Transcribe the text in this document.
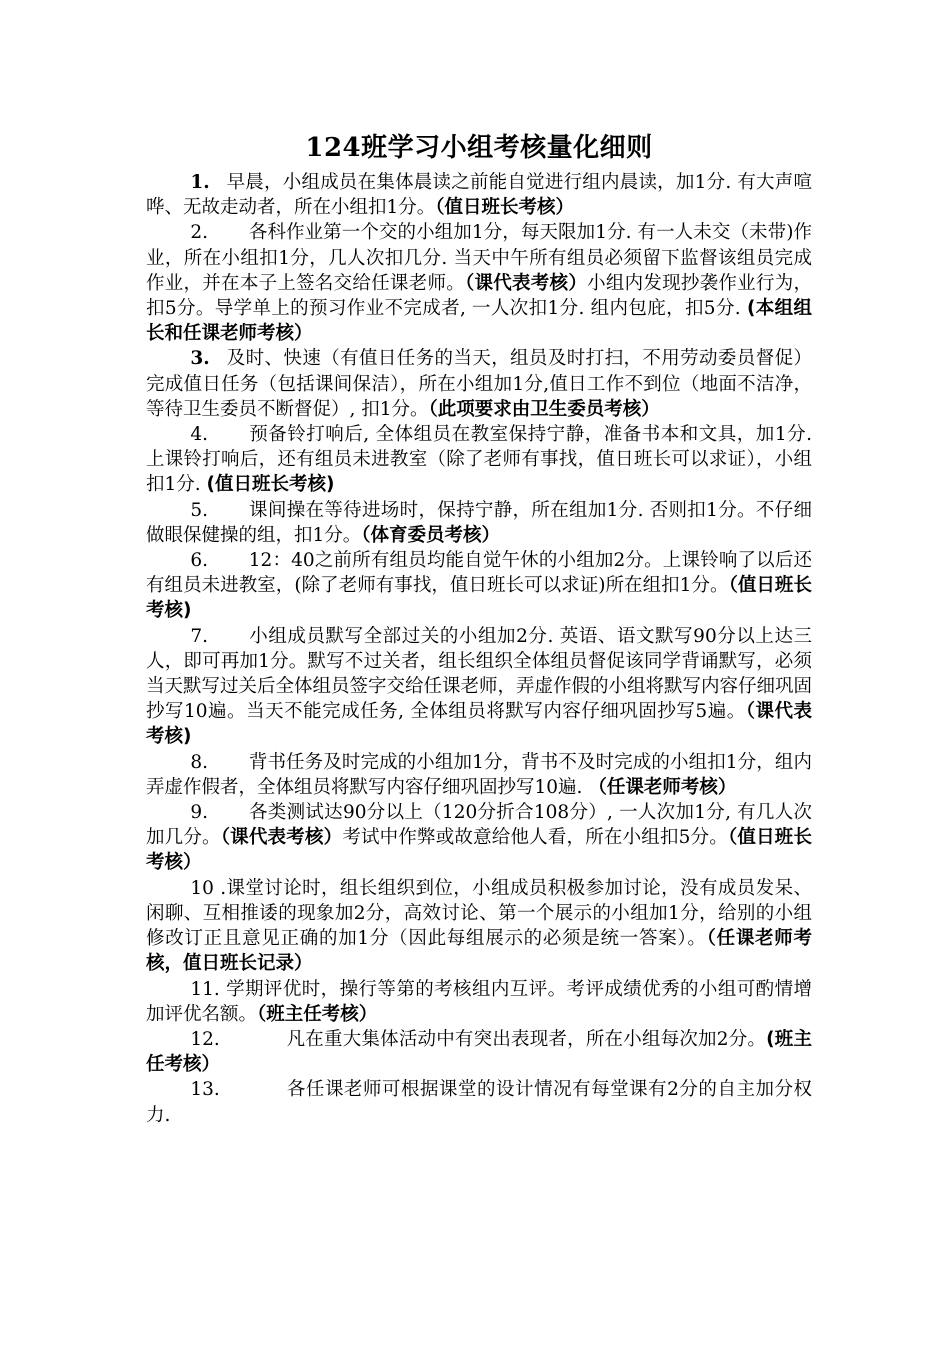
124班学习小组考核量化细则

1. 早晨，小组成员在集体晨读之前能自觉进行组内晨读，加1分. 有大声喧哗、无故走动者，所在小组扣1分。（值日班长考核）

2. 各科作业第一个交的小组加1分，每天限加1分. 有一人未交（未带)作业，所在小组扣1分，几人次扣几分. 当天中午所有组员必须留下监督该组员完成作业，并在本子上签名交给任课老师。（课代表考核）小组内发现抄袭作业行为，扣5分。导学单上的预习作业不完成者, 一人次扣1分. 组内包庇，扣5分. (本组组长和任课老师考核）

3. 及时、快速（有值日任务的当天，组员及时打扫，不用劳动委员督促）完成值日任务（包括课间保洁），所在小组加1分,值日工作不到位（地面不洁净，等待卫生委员不断督促）, 扣1分。（此项要求由卫生委员考核）

4. 预备铃打响后, 全体组员在教室保持宁静，准备书本和文具，加1分. 上课铃打响后，还有组员未进教室（除了老师有事找，值日班长可以求证），小组扣1分. (值日班长考核)

5. 课间操在等待进场时，保持宁静，所在组加1分. 否则扣1分。不仔细做眼保健操的组，扣1分。（体育委员考核）

6. 12：40之前所有组员均能自觉午休的小组加2分。上课铃响了以后还有组员未进教室，(除了老师有事找，值日班长可以求证)所在组扣1分。（值日班长考核)

7. 小组成员默写全部过关的小组加2分. 英语、语文默写90分以上达三人，即可再加1分。默写不过关者，组长组织全体组员督促该同学背诵默写，必须当天默写过关后全体组员签字交给任课老师，弄虚作假的小组将默写内容仔细巩固抄写10遍。当天不能完成任务, 全体组员将默写内容仔细巩固抄写5遍。（课代表考核)

8. 背书任务及时完成的小组加1分，背书不及时完成的小组扣1分，组内弄虚作假者，全体组员将默写内容仔细巩固抄写10遍. （任课老师考核）

9. 各类测试达90分以上（120分折合108分）, 一人次加1分, 有几人次加几分。（课代表考核）考试中作弊或故意给他人看，所在小组扣5分。（值日班长考核）

10 .课堂讨论时，组长组织到位，小组成员积极参加讨论，没有成员发呆、闲聊、互相推诿的现象加2分，高效讨论、第一个展示的小组加1分，给别的小组修改订正且意见正确的加1分（因此每组展示的必须是统一答案）。（任课老师考核，值日班长记录）

11. 学期评优时，操行等第的考核组内互评。考评成绩优秀的小组可酌情增加评优名额。（班主任考核）

12.	凡在重大集体活动中有突出表现者，所在小组每次加2分。(班主任考核）

13.	各任课老师可根据课堂的设计情况有每堂课有2分的自主加分权力.
